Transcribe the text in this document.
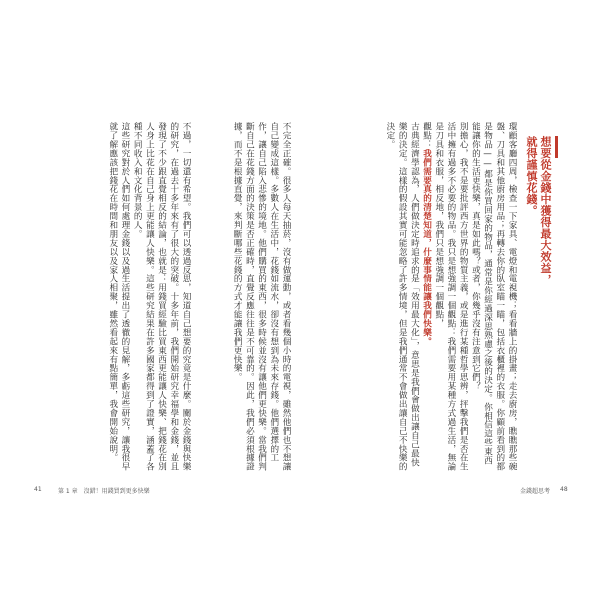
不完全正確。很多人每天抽菸，沒有做運動，或者看幾個小時的電視，雖然他們也不想讓自己變成這樣。多數人在生活中，花錢如流水，卻沒有想到為未來存錢。他們選擇的工作，讓自己陷入悲慘的境地。他們購買的東西，很多時候並沒有讓他們更快樂。當我們判斷自己在花錢方面的決策是否正確時，直覺反應往往是不可靠的。因此，我們必須根據證據，而不是根據直覺，來判斷哪些花錢的方式才能讓我們更快樂。
不過，一切還有希望。我們可以透過反思，知道自己想要的究竟是什麼。關於金錢與快樂的研究，在過去十多年來有了很大的突破。十多年前，我們開始研究幸福學和金錢，並且發現了不少跟直覺相反的結論，也就是：用錢買經驗比買東西更能讓人快樂、把錢花在別人身上比花在自己身上更能讓人快樂。這些研究結果在許多國家都得到了證實，涵蓋了各種不同收入和文化背景的人。
這些研究對於人們如何處理金錢以及過生活提出了透徹的見解，多虧這些研究，讓我很早就了解應該把錢花在時間和朋友以及家人相聚，雖然看起來有點簡單，我會開始說明。	想要從金錢中獲得最大效益，
就得謹慎花錢。
環顧客廳四周，檢查一下家具、電燈和電視機；看看牆上的掛畫；走去廚房，瞧瞧那些碗盤、刀具和其他廚房用品；再轉去你的臥室瞄一瞄，包括衣櫃裡的衣服。你顧前看到的都是物品——都是你買回家的物品，通常是你經過深思熟慮之後的決定。你相信這些東西能讓你的生活更快樂，真是如此嗎？或者，你幾乎沒有注意到它們？
別擔心，我不是要批評西方世界的物質主義，或是進行某種哲學思辨，抨擊我們是否在生活中擁有過多不必要的物品。我只是想強調一個觀點：我們需要用某種方式過生活，無論是刀具和衣服，相反地，我們只是想強調一個觀點，
觀點：我們需要真的清楚知道，什麼事情能讓我們快樂。
古典經濟學認為，人們做決定時追求的是「效用最大化」，意思是我們會做出讓自己最快樂的決定。這樣的假設其實可能忽略了許多情境，但是我們通常不會做出讓自己不快樂的決定。
41	第 1 章　沒錯！用錢買到更多快樂	金錢超思考 48
